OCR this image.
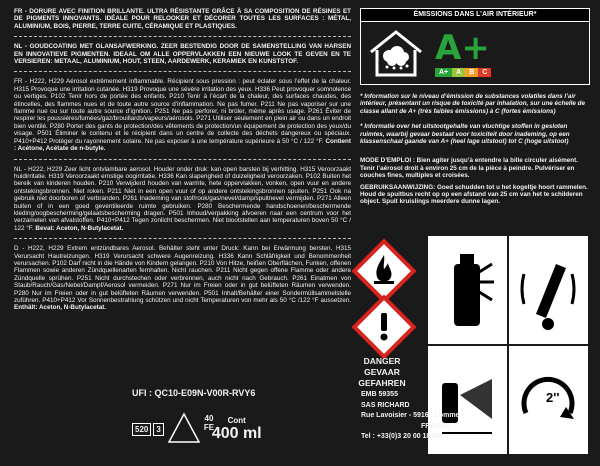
FR - DORURE AVEC FINITION BRILLANTE. ULTRA RÉSISTANTE GRÂCE À SA COMPOSITION DE RÉSINES ET DE PIGMENTS INNOVANTS. IDÉALE POUR RELOOKER ET DÉCORER TOUTES LES SURFACES : MÉTAL, ALUMINIUM, BOIS, PIERRE, TERRE CUITE, CÉRAMIQUE ET PLASTIQUES.

NL - GOUDCOATING MET GLANSAFWERKING. ZEER BESTENDIG DOOR DE SAMENSTELLING VAN HARSEN EN INNOVATIEVE PIGMENTEN. IDEAAL OM ALLE OPPERVLAKKEN EEN NIEUWE LOOK TE GEVEN EN TE VERSIEREN: METAAL, ALUMINIUM, HOUT, STEEN, AARDEWERK, KERAMIEK EN KUNSTSTOF.

FR - H222, H229 Aérosol extrêmement inflammable. Récipient sous pression : peut éclater sous l’effet de la chaleur. H315 Provoque une irritation cutanée. H319 Provoque une sévère irritation des yeux. H336 Peut provoquer somnolence ou vertiges. P102 Tenir hors de portée des enfants. P210 Tenir à l’écart de la chaleur, des surfaces chaudes, des étincelles, des flammes nues et de toute autre source d’inflammation. Ne pas fumer. P211 Ne pas vaporiser sur une flamme nue ou sur toute autre source d’ignition. P251 Ne pas perforer, ni brûler, même après usage. P261 Éviter de respirer les poussières/fumées/gaz/brouillards/vapeurs/aérosols. P271 Utiliser seulement en plein air ou dans un endroit bien ventilé. P280 Porter des gants de protection/des vêtements de protection/un équipement de protection des yeux/du visage. P501 Éliminer le contenu et le récipient dans un centre de collecte des déchets dangereux ou spéciaux. P410+P412 Protéger du rayonnement solaire. Ne pas exposer à une température supérieure à 50 °C / 122 °F. Contient : Acétone, Acétate de n-butyle.

NL - H222, H229 Zeer licht ontvlambare aerosol. Houder onder druk: kan open barsten bij verhitting. H315 Veroorzaakt huidirritatie. H319 Veroorzaakt ernstige oogirritatie. H336 Kan slaperigheid of duizeligheid veroorzaken. P102 Buiten het bereik van kinderen houden. P210 Verwijderd houden van warmte, hete oppervlakken, vonken, open vuur en andere ontstekingsbronnen. Niet roken. P211 Niet in een open vuur of op andere ontstekingsbronnen spuiten. P251 Ook na gebruik niet doorboren of verbranden. P261 Inademing van stof/rook/gas/nevel/damp/spuitnevel vermijden. P271 Alleen buiten of in een goed geventileerde ruimte gebruiken. P280 Beschermende handschoenen/beschermende kleding/oogbescherming/gelaatsbescherming dragen. P501 Inhoud/verpakking afvoeren naar een centrum voor het verzamelen van afvalstoffen. P410+P412 Tegen zonlicht beschermen. Niet blootstellen aan temperaturen boven 50 °C / 122 °F. Bevat: Aceton, N-Butylacetat.

D - H222, H229 Extrem entzündbares Aerosol. Behälter steht unter Druck: Kann bei Erwärmung bersten. H315 Verursacht Hautreizungen. H319 Verursacht schwere Augenreizung. H336 Kann Schläfrigkeit und Benommenheit verursachen. P102 Darf nicht in die Hände von Kindern gelangen. P210 Von Hitze, heißen Oberflächen, Funken, offenen Flammen sowie anderen Zündquellenarten fernhalten. Nicht rauchen. P211 Nicht gegen offene Flamme oder andere Zündquelle sprühen. P251 Nicht durchstechen oder verbrennen, auch nicht nach Gebrauch. P261 Einatmen von Staub/Rauch/Gas/Nebel/Dampf/Aerosol vermeiden. P271 Nur im Freien oder in gut belüfteten Räumen verwenden. P280 Nur im Freien oder in gut belüfteten Räumen verwenden. P501 Inhalt/Behälter einer Sondermüllsammelstelle zuführen. P410+P412 Vor Sonnenbestrahlung schützen und nicht Temperaturen von mehr als 50 °C /122 °F aussetzen. Enthält: Aceton, N-Butylacetat.

ÉMISSIONS DANS L’AIR INTÉRIEUR*
A+
A+	A	B	C

* Information sur le niveau d’émission de substances volatiles dans l’air intérieur, présentant un risque de toxicité par inhalation, sur une échelle de classe allant de A+ (très faibles émissions) à C (fortes émissions)

* Informatie over het uitstootgehalte van vluchtige stoffen in gesloten ruimtes, waarbij gevaar bestaat voor toxiciteit door inademing, op een klassenschaal gaande van A+ (heel lage uitstoot) tot C (hoge uitstoot)

MODE D’EMPLOI : Bien agiter jusqu’à entendre la bille circuler aisément. Tenir l’aérosol droit à environ 25 cm de la pièce à peindre. Pulvériser en couches fines, multiples et croisées.

GEBRUIKSAANWIJZING: Goed schudden tot u het kogeltje hoort rammelen. Houd de spuitbus recht op op een afstand van 25 cm van het te schilderen object. Spuit kruislings meerdere dunne lagen.

DANGER
GEVAAR
GEFAHREN
2''
UFI : QC10-E09N-V00R-RVY6
520	3
40
FE
Cont
400 ml
EMB 59355
SAS RICHARD
Rue Lavoisier - 59160 Lomme
FRANCE
Tel : +33(0)3 20 00 18 84
